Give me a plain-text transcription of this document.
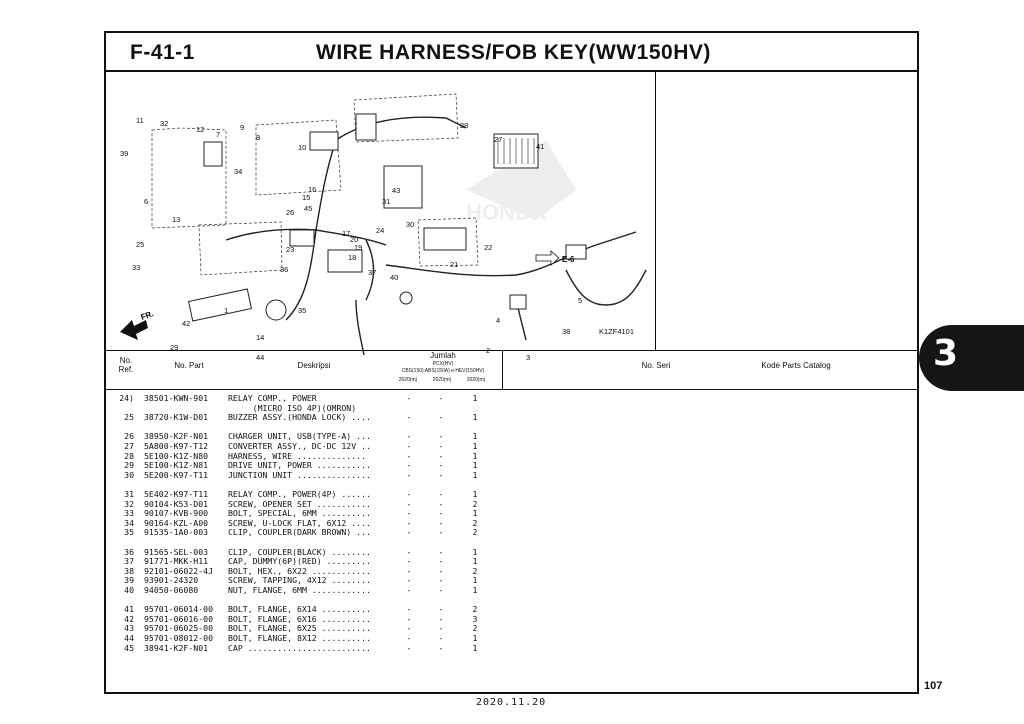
F-41-1	WIRE HARNESS/FOB KEY(WW150HV)
HONDA
E-6
FR.	1
2
3
4
5
6
7	8
9
10
11
12
13
14
15
16
17
18
19
20
21
22
23
24
25
26
27
28
29
30
31
32
33
34
35
36	37
38
39
40
41
42
43
44
45
K1ZF4101
No.
Ref.	No. Part	Deskripsi
Jumlah
PCX(HV)
CBS(150) ABS(150A) e:HEV(150HV)
2020(m)	2020(m)	2020(m)
No. Seri	Kode Parts Catalog
24) 38501-KWN-901 RELAY COMP., POWER	-	-	1
(MICRO ISO 4P)(OMRON)
25 38720-K1W-D01 BUZZER ASSY.(HONDA LOCK) ....	-	-	1
26 38950-K2F-N01 CHARGER UNIT, USB(TYPE-A) ...	-	-	1
27 5A800-K97-T12 CONVERTER ASSY., DC-DC 12V ..	-	-	1
28 5E100-K1Z-N80 HARNESS, WIRE ..............	-	-	1
29 5E100-K1Z-N81 DRIVE UNIT, POWER ...........	-	-	1
30 5E200-K97-T11 JUNCTION UNIT ...............	-	-	1
31 5E402-K97-T11 RELAY COMP., POWER(4P) ......	-	-	1
32 90104-K53-D01 SCREW, OPENER SET ...........	-	-	2
33 90107-KVB-900 BOLT, SPECIAL, 6MM ..........	-	-	1
34 90164-KZL-A00 SCREW, U-LOCK FLAT, 6X12 ....	-	-	2
35 91535-1A0-003 CLIP, COUPLER(DARK BROWN) ...	-	-	2
36 91565-SEL-003 CLIP, COUPLER(BLACK) ........	-	-	1
37 91771-MKK-H11 CAP, DUMMY(6P)(RED) .........	-	-	1
38 92101-06022-4J BOLT, HEX., 6X22 ............	-	-	2
39 93901-24320	SCREW, TAPPING, 4X12 ........	-	-	1
40 94050-06080	NUT, FLANGE, 6MM ............	-	-	1
41 95701-06014-00 BOLT, FLANGE, 6X14 ..........	-	-	2
42 95701-06016-00 BOLT, FLANGE, 6X16 ..........	-	-	3
43 95701-06025-00 BOLT, FLANGE, 6X25 ..........	-	-	2
44 95701-08012-00 BOLT, FLANGE, 8X12 ..........	-	-	1
45 38941-K2F-N01 CAP .........................	-	-	1
3
107
2020.11.20
